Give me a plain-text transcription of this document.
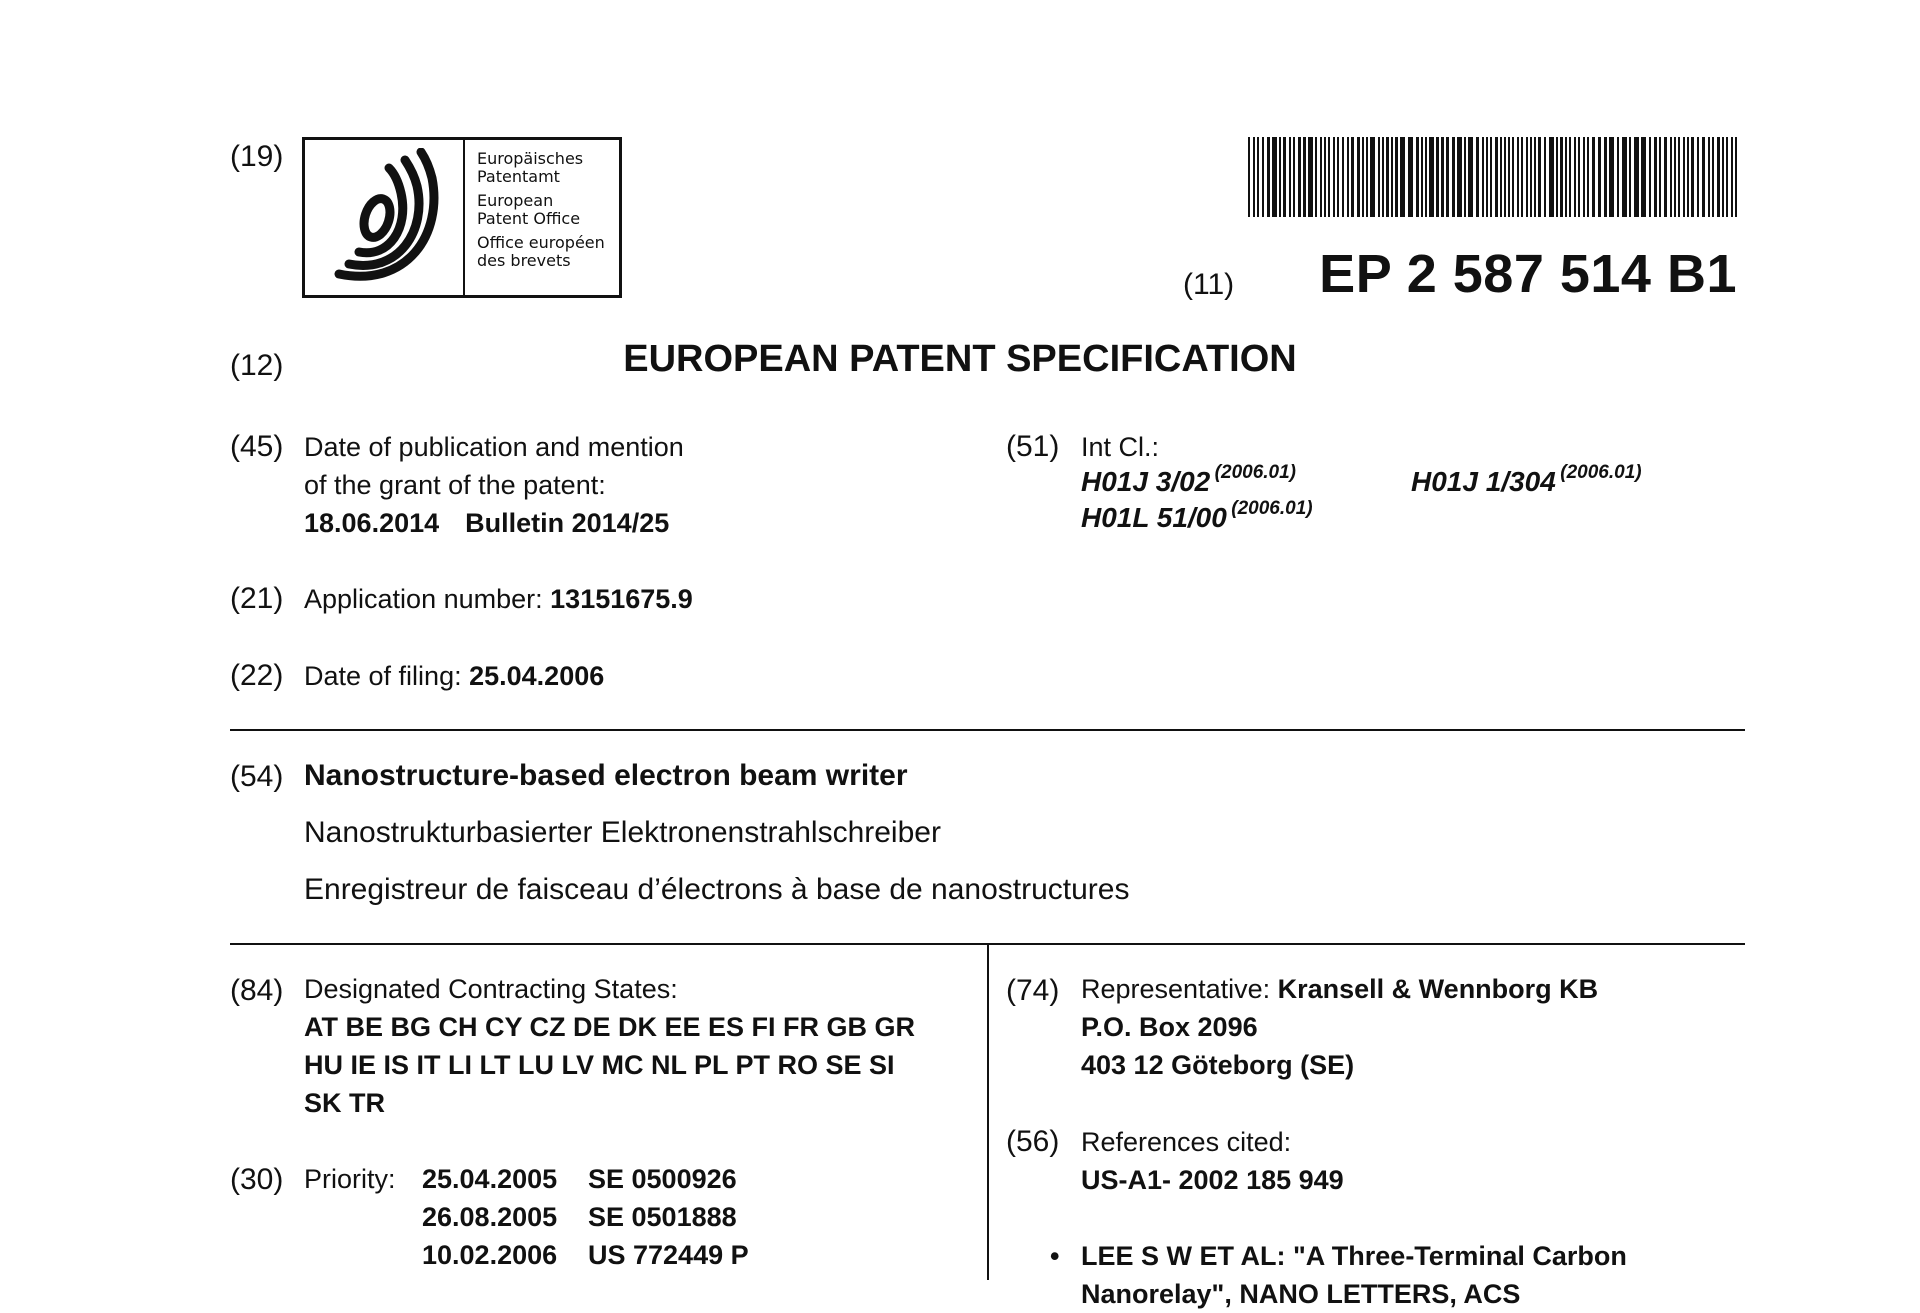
(19)	Europäisches
Patentamt
European
Patent Office
Office européen
des brevets
(11) EP 2 587 514 B1
(12)	EUROPEAN PATENT SPECIFICATION
(45) Date of publication and mention
of the grant of the patent:
18.06.2014 Bulletin 2014/25
(51) Int Cl.:
H01J 3/02 (2006.01)	H01J 1/304 (2006.01)
H01L 51/00 (2006.01)
(21) Application number: 13151675.9
(22) Date of filing: 25.04.2006
(54) Nanostructure-based electron beam writer
Nanostrukturbasierter Elektronenstrahlschreiber
Enregistreur de faisceau d’électrons à base de nanostructures
(84) Designated Contracting States:
AT BE BG CH CY CZ DE DK EE ES FI FR GB GR
HU IE IS IT LI LT LU LV MC NL PL PT RO SE SI
SK TR
(30) Priority: 25.04.2005 SE 0500926
26.08.2005 SE 0501888
10.02.2006 US 772449 P
(74) Representative: Kransell & Wennborg KB
P.O. Box 2096
403 12 Göteborg (SE)
(56) References cited:
US-A1- 2002 185 949
• LEE S W ET AL: "A Three-Terminal Carbon
Nanorelay", NANO LETTERS, ACS
